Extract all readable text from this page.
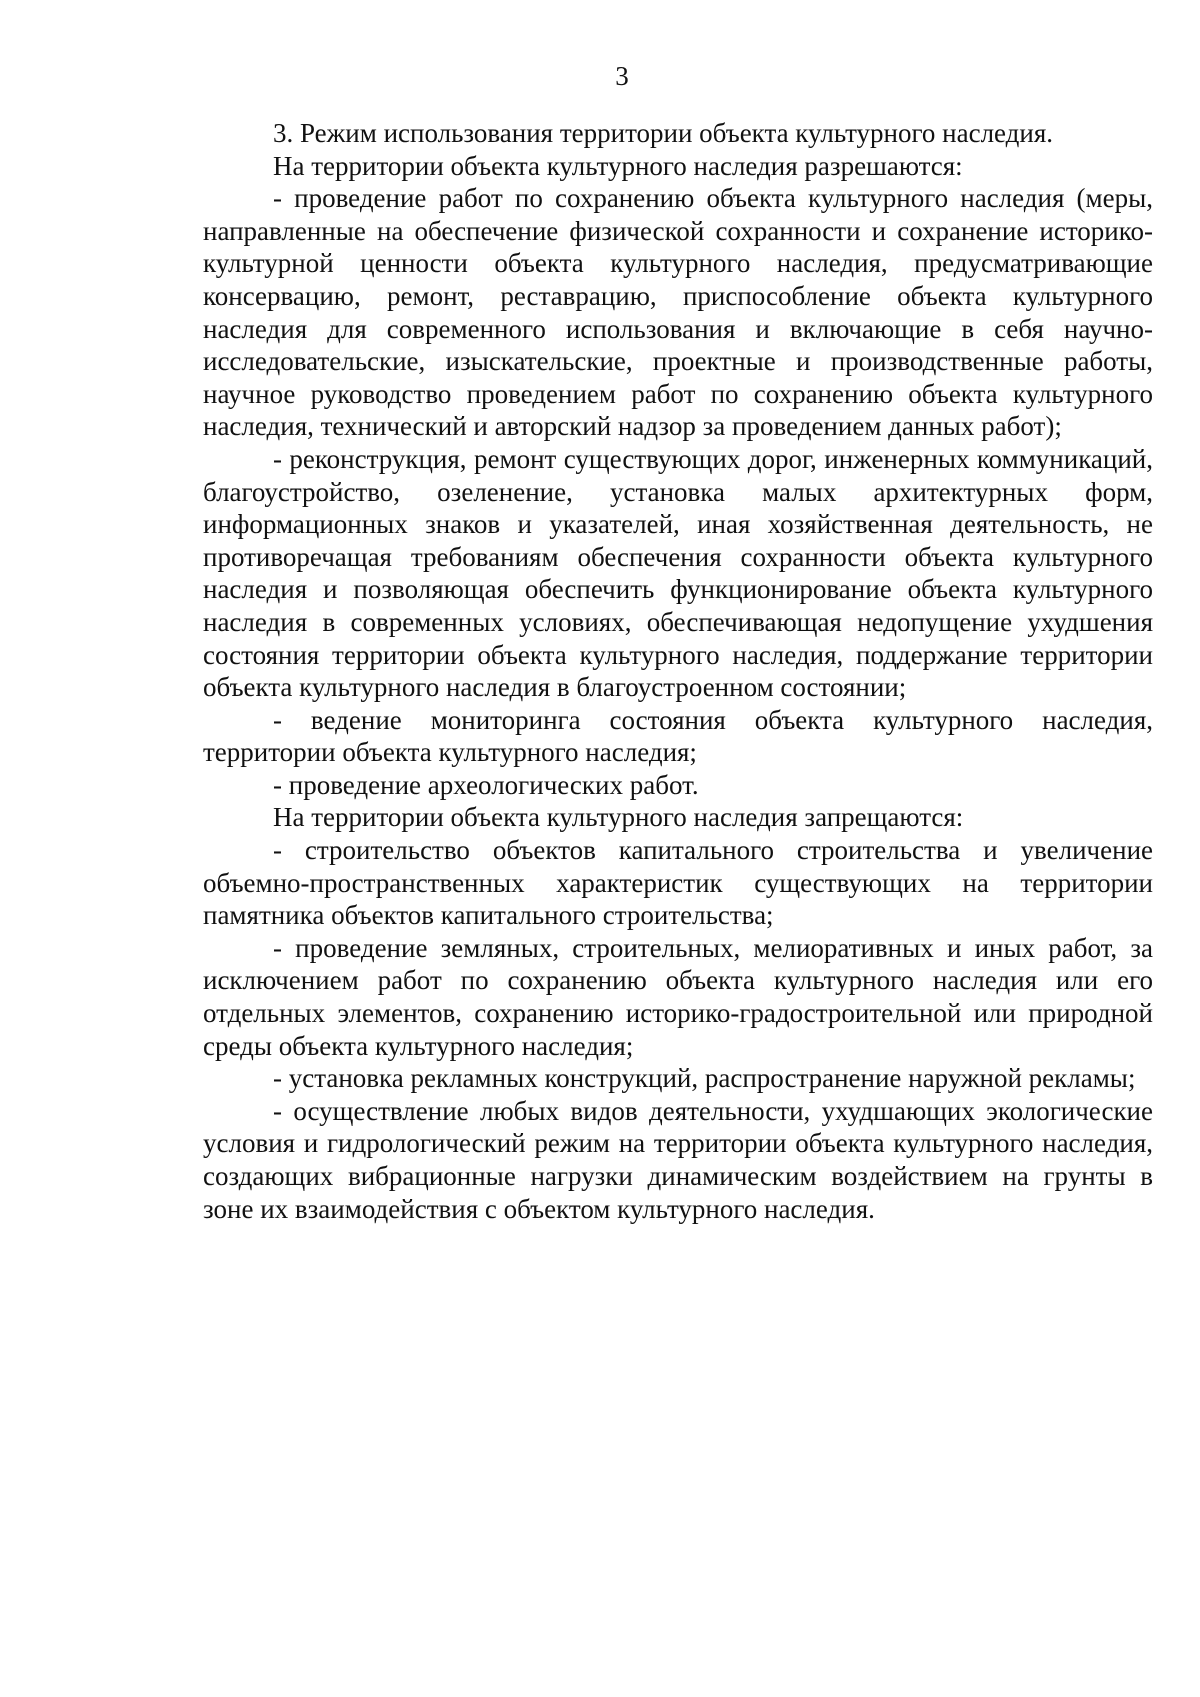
3

3. Режим использования территории объекта культурного наследия.

На территории объекта культурного наследия разрешаются:

- проведение работ по сохранению объекта культурного наследия (меры, направленные на обеспечение физической сохранности и сохранение историко-культурной ценности объекта культурного наследия, предусматривающие консервацию, ремонт, реставрацию, приспособление объекта культурного наследия для современного использования и включающие в себя научно-исследовательские, изыскательские, проектные и производственные работы, научное руководство проведением работ по сохранению объекта культурного наследия, технический и авторский надзор за проведением данных работ);

- реконструкция, ремонт существующих дорог, инженерных коммуникаций, благоустройство, озеленение, установка малых архитектурных форм, информационных знаков и указателей, иная хозяйственная деятельность, не противоречащая требованиям обеспечения сохранности объекта культурного наследия и позволяющая обеспечить функционирование объекта культурного наследия в современных условиях, обеспечивающая недопущение ухудшения состояния территории объекта культурного наследия, поддержание территории объекта культурного наследия в благоустроенном состоянии;

- ведение мониторинга состояния объекта культурного наследия, территории объекта культурного наследия;

- проведение археологических работ.

На территории объекта культурного наследия запрещаются:

- строительство объектов капитального строительства и увеличение объемно-пространственных характеристик существующих на территории памятника объектов капитального строительства;

- проведение земляных, строительных, мелиоративных и иных работ, за исключением работ по сохранению объекта культурного наследия или его отдельных элементов, сохранению историко-градостроительной или природной среды объекта культурного наследия;

- установка рекламных конструкций, распространение наружной рекламы;

- осуществление любых видов деятельности, ухудшающих экологические условия и гидрологический режим на территории объекта культурного наследия, создающих вибрационные нагрузки динамическим воздействием на грунты в зоне их взаимодействия с объектом культурного наследия.
